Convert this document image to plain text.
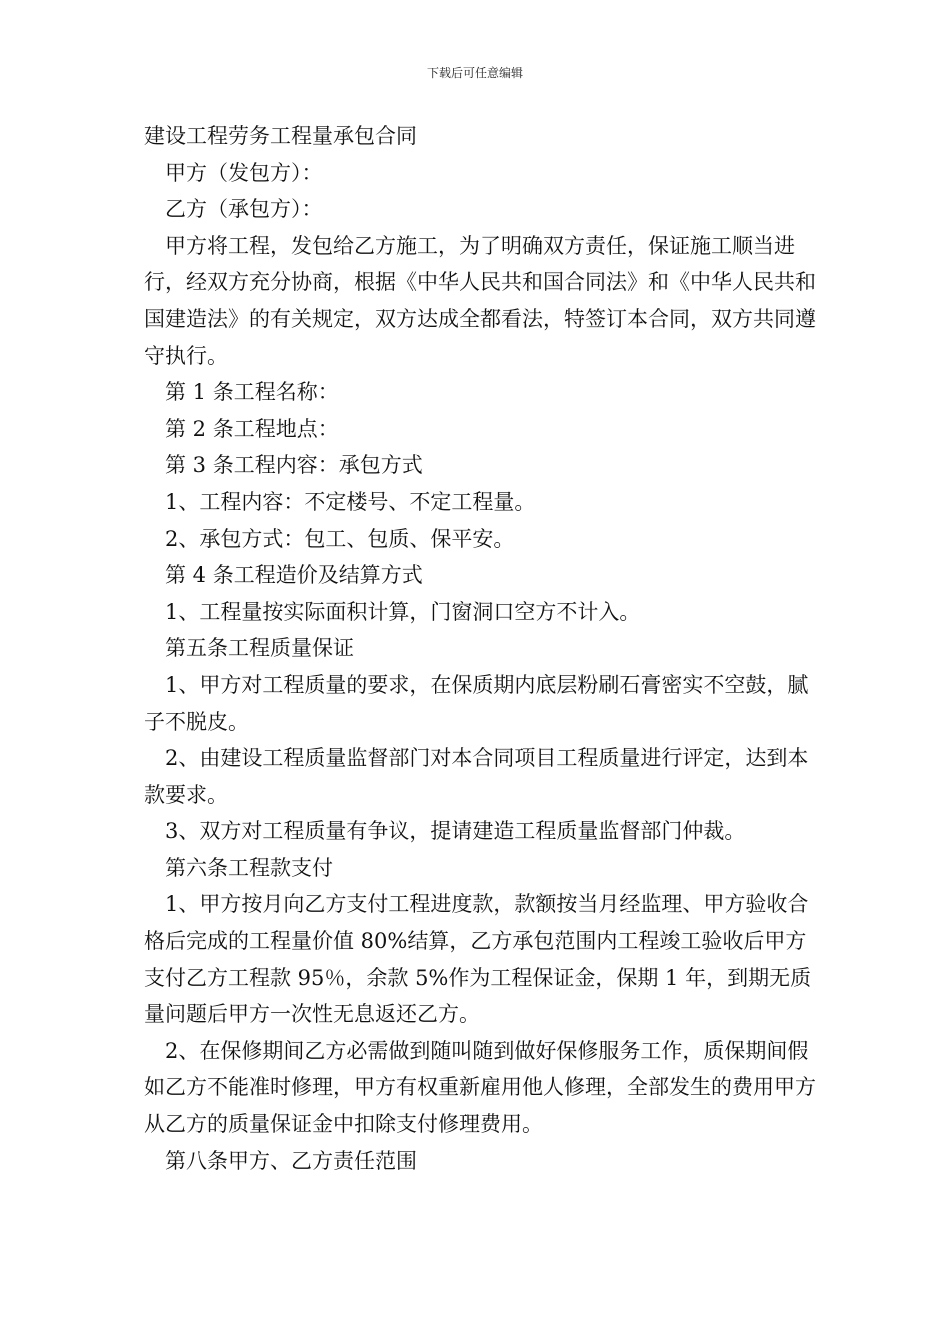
下载后可任意编辑

建设工程劳务工程量承包合同

甲方（发包方）：

乙方（承包方）：

甲方将工程，发包给乙方施工，为了明确双方责任，保证施工顺当进行，经双方充分协商，根据《中华人民共和国合同法》和《中华人民共和国建造法》的有关规定，双方达成全都看法，特签订本合同，双方共同遵守执行。

第 1 条工程名称：

第 2 条工程地点：

第 3 条工程内容：承包方式

1、工程内容：不定楼号、不定工程量。

2、承包方式：包工、包质、保平安。

第 4 条工程造价及结算方式

1、工程量按实际面积计算，门窗洞口空方不计入。

第五条工程质量保证

1、甲方对工程质量的要求，在保质期内底层粉刷石膏密实不空鼓，腻子不脱皮。

2、由建设工程质量监督部门对本合同项目工程质量进行评定，达到本款要求。

3、双方对工程质量有争议，提请建造工程质量监督部门仲裁。

第六条工程款支付

1、甲方按月向乙方支付工程进度款，款额按当月经监理、甲方验收合格后完成的工程量价值 80%结算，乙方承包范围内工程竣工验收后甲方支付乙方工程款 95％，余款 5%作为工程保证金，保期 1 年，到期无质量问题后甲方一次性无息返还乙方。

2、在保修期间乙方必需做到随叫随到做好保修服务工作，质保期间假如乙方不能准时修理，甲方有权重新雇用他人修理，全部发生的费用甲方从乙方的质量保证金中扣除支付修理费用。

第八条甲方、乙方责任范围
